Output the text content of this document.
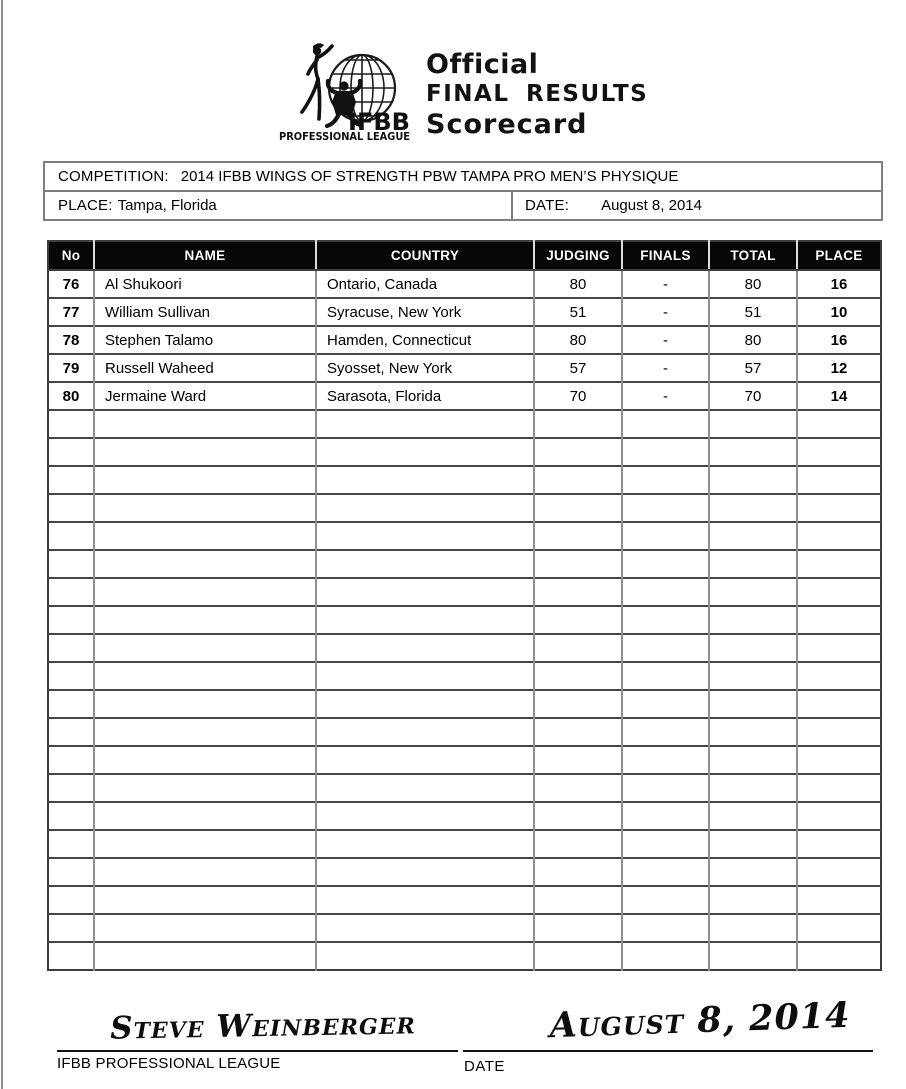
IFBB
PROFESSIONAL LEAGUE
Official
FINAL RESULTS
Scorecard
COMPETITION: 2014 IFBB WINGS OF STRENGTH PBW TAMPA PRO MEN’S PHYSIQUE
PLACE: Tampa, Florida	DATE: August 8, 2014
No	NAME	COUNTRY	JUDGING	FINALS	TOTAL	PLACE
76	Al Shukoori	Ontario, Canada	80	-	80	16
77	William Sullivan	Syracuse, New York	51	-	51	10
78	Stephen Talamo	Hamden, Connecticut	80	-	80	16
79	Russell Waheed	Syosset, New York	57	-	57	12
80	Jermaine Ward	Sarasota, Florida	70	-	70	14

Steve Weinberger
IFBB PROFESSIONAL LEAGUE
August 8, 2014
DATE
